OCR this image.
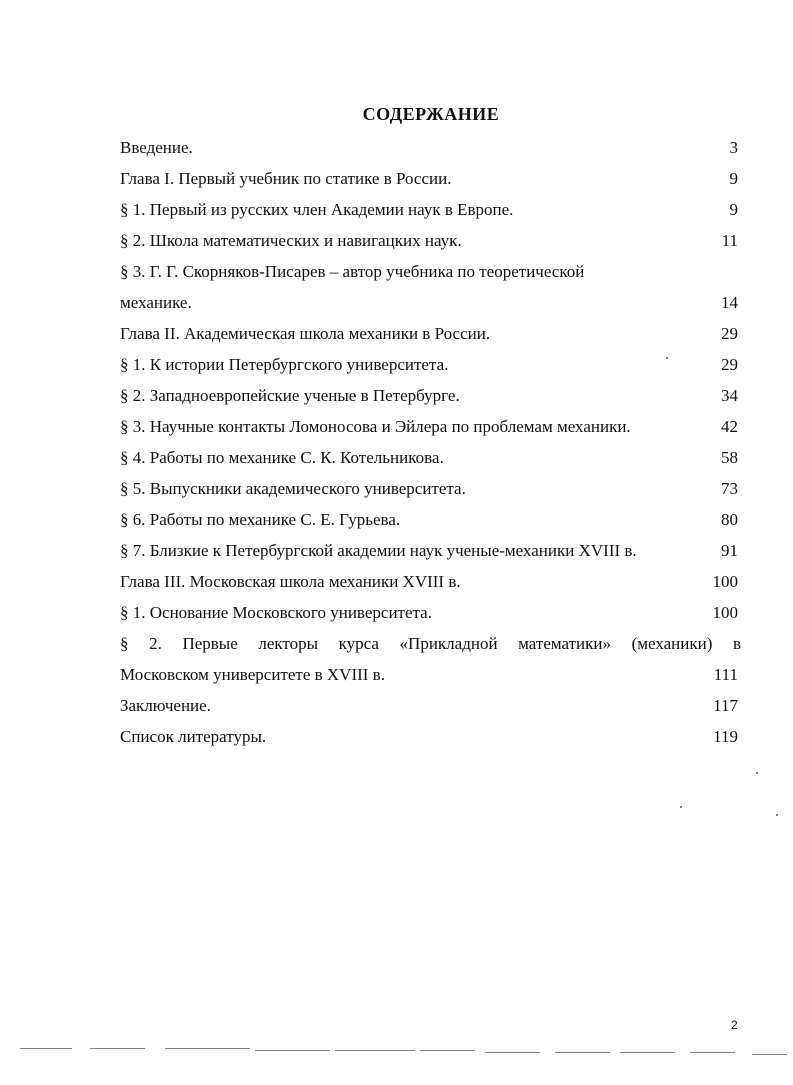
СОДЕРЖАНИЕ
Введение.	3
Глава I. Первый учебник по статике в России.	9
§ 1. Первый из русских член Академии наук в Европе.	9
§ 2. Школа математических и навигацких наук.	11
§ 3. Г. Г. Скорняков-Писарев – автор учебника по теоретической
механике.	14
Глава II. Академическая школа механики в России.	29
§ 1. К истории Петербургского университета.	29
§ 2. Западноевропейские ученые в Петербурге.	34
§ 3. Научные контакты Ломоносова и Эйлера по проблемам механики.	42
§ 4. Работы по механике С. К. Котельникова.	58
§ 5. Выпускники академического университета.	73
§ 6. Работы по механике С. Е. Гурьева.	80
§ 7. Близкие к Петербургской академии наук ученые-механики XVIII в.	91
Глава III. Московская школа механики XVIII в.	100
§ 1. Основание Московского университета.	100
§ 2. Первые лекторы курса «Прикладной математики» (механики) в
Московском университете в XVIII в.	111
Заключение.	117
Список литературы.	119
2
